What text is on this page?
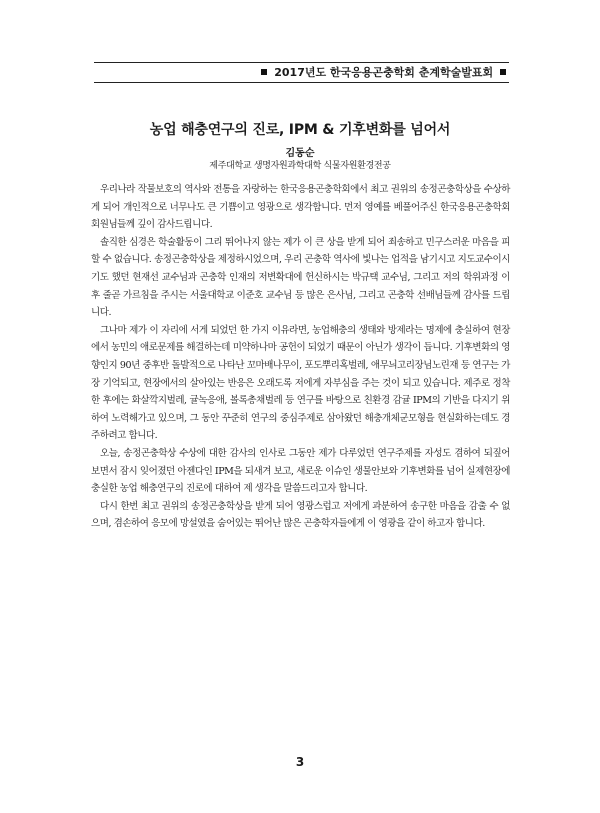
2017년도 한국응용곤충학회 춘계학술발표회
농업 해충연구의 진로, IPM & 기후변화를 넘어서
김동순
제주대학교 생명자원과학대학 식물자원환경전공

우리나라 작물보호의 역사와 전통을 자랑하는 한국응용곤충학회에서 최고 권위의 송정곤충학상을 수상하게 되어 개인적으로 너무나도 큰 기쁨이고 영광으로 생각합니다. 먼저 영예를 베풀어주신 한국응용곤충학회 회원님들께 깊이 감사드립니다.

솔직한 심경은 학술활동이 그리 뛰어나지 않는 제가 이 큰 상을 받게 되어 죄송하고 민구스러운 마음을 피할 수 없습니다. 송정곤충학상을 제정하시었으며, 우리 곤충학 역사에 빛나는 업적을 남기시고 지도교수이시기도 했던 현재선 교수님과 곤충학 인재의 저변확대에 헌신하시는 박규택 교수님, 그리고 저의 학위과정 이후 줄곧 가르침을 주시는 서울대학교 이준호 교수님 등 많은 은사님, 그리고 곤충학 선배님들께 감사를 드립니다.

그나마 제가 이 자리에 서게 되었던 한 가지 이유라면, 농업해충의 생태와 방제라는 명제에 충실하여 현장에서 농민의 애로문제를 해결하는데 미약하나마 공헌이 되었기 때문이 아닌가 생각이 듭니다. 기후변화의 영향인지 90년 중후반 돌발적으로 나타난 꼬마배나무이, 포도뿌리혹벌레, 애무늬고리장님노린재 등 연구는 가장 기억되고, 현장에서의 살아있는 반응은 오래도록 저에게 자부심을 주는 것이 되고 있습니다. 제주로 정착한 후에는 화살깍지벌레, 귤녹응애, 볼록총채벌레 등 연구를 바탕으로 친환경 감귤 IPM의 기반을 다지기 위하여 노력해가고 있으며, 그 동안 꾸준히 연구의 중심주제로 삼아왔던 해충개체군모형을 현실화하는데도 경주하려고 합니다.

오늘, 송정곤충학상 수상에 대한 감사의 인사로 그동안 제가 다루었던 연구주제를 자성도 겸하여 되짚어 보면서 잠시 잊어졌던 아젠다인 IPM을 되새겨 보고, 새로운 이슈인 생물안보와 기후변화를 넘어 실제현장에 충실한 농업 해충연구의 진로에 대하여 제 생각을 말씀드리고자 합니다.

다시 한번 최고 권위의 송정곤충학상을 받게 되어 영광스럽고 저에게 과분하여 송구한 마음을 감출 수 없으며, 겸손하여 응모에 망설였을 숨어있는 뛰어난 많은 곤충학자들에게 이 영광을 같이 하고자 합니다.

3
